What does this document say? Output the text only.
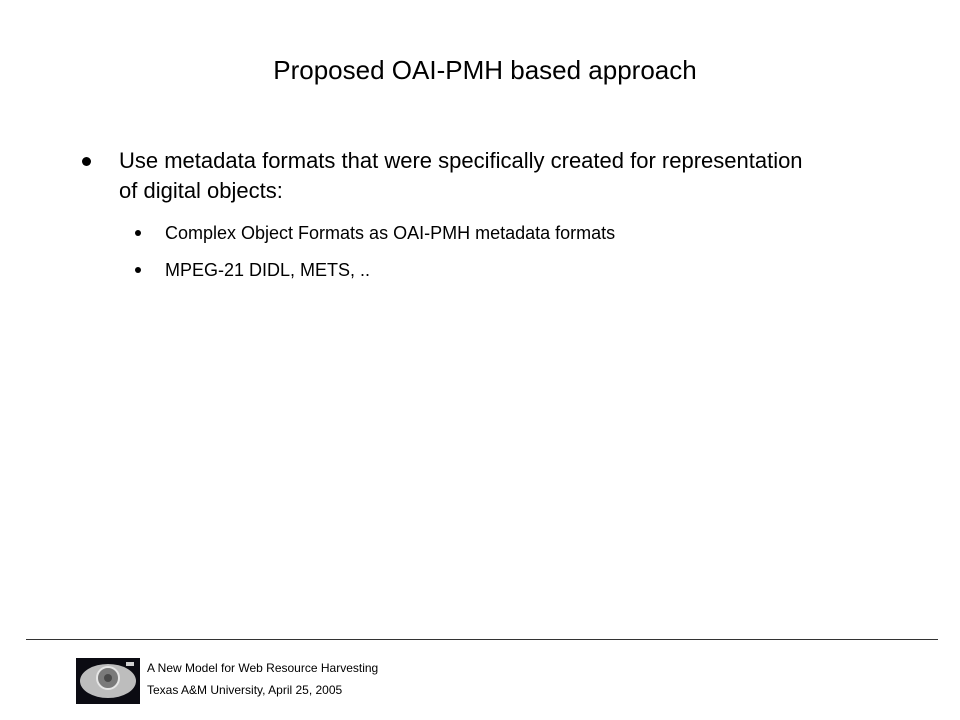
Proposed OAI-PMH based approach
Use metadata formats that were specifically created for representation of digital objects:
Complex Object Formats as OAI-PMH metadata formats
MPEG-21 DIDL, METS, ..
A New Model for Web Resource Harvesting
Texas A&M University, April 25, 2005
